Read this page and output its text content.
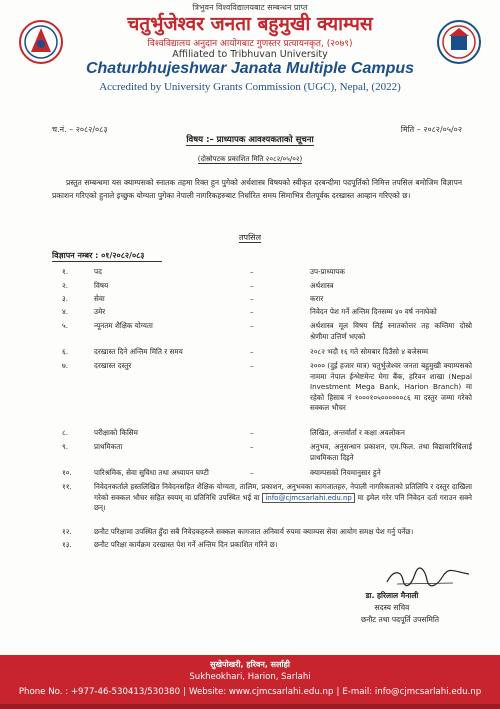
त्रिभुवन विश्वविद्यालयबाट सम्बन्धन प्राप्त
चतुर्भुजेश्वर जनता बहुमुखी क्याम्पस
विश्वविद्यालय अनुदान आयोगबाट गुणस्तर प्रत्यायनकृत, (२०७९)
Affiliated to Tribhuvan University
Chaturbhujeshwar Janata Multiple Campus
Accredited by University Grants Commission (UGC), Nepal, (2022)
च.नं. – २०८२/०८३	मिति – २०८२/०५/०२
विषय :– प्राध्यापक आवश्यकताको सूचना
(दोस्रोपटक प्रकाशित मिति २०८२/०५/०२)
प्रस्तुत सम्बन्धमा यस क्याम्पसको स्नातक तहमा रिक्त हुन पुगेको अर्थशास्त्र विषयको स्वीकृत दरबन्दीमा पदपूर्तिको निमित्त तपसिल बमोजिम विज्ञापन प्रकाशन गरिएको हुनाले इच्छुक योग्यता पुगेका नेपाली नागरिकहरुबाट निर्धारित समय सिमाभित्र रीतपूर्वक दरखास्त आव्हान गरिएको छ।
तपसिल
विज्ञापन नम्बर : ०१/२०८२/०८३
१.	पद	–	उप-प्राध्यापक
२.	विषय	–	अर्थशास्त्र
३.	सेवा	–	करार
४.	उमेर	–	निवेदन पेश गर्ने अन्तिम दिनसम्म ४० वर्ष ननाघेको
५.	न्यूनतम शैक्षिक योग्यता	–	अर्थशास्त्र मूल विषय लिई स्नातकोत्तर तह कम्तिमा दोस्रो श्रेणीमा उत्तिर्ण भएको
६.	दरखास्त दिने अन्तिम मिति र समय	–	२०८२ भदौ १६ गते सोमबार दिउँसो ४ बजेसम्म
७.	दरखास्त दस्तुर	–	२००० (दुई हजार मात्र) चतुर्भुजेश्वर जनता बहुमुखी क्याम्पसको नाममा नेपाल ईन्भेष्टमेन्ट मेगा बैंक, हरिवन शाखा (Nepal Investment Mega Bank, Harion Branch) मा रहेको हिसाब नं १०००१०५००००००८६ मा दस्तुर जम्मा गरेको सक्कल भौचर
८.	परीक्षाको किसिम	–	लिखित, अन्तर्वार्ता र कक्षा अवलोकन
९.	प्राथमिकता	–	अनुभव, अनुसन्धान प्रकाशन, एम.फिल. तथा विद्यावारिधिलाई प्राथमिकता दिइने
१०.	पारिश्रमिक, सेवा सुविधा तथा अध्यापन घण्टी	–	क्याम्पसको नियमानुसार हुने
११.	निवेदनकर्ताले हस्तलिखित निवेदनसहित शैक्षिक योग्यता, तालिम, प्रकाशन, अनुभवका कागजातहरु, नेपाली नागरिकताको प्रतिलिपि र दस्तुर दाखिला गरेको सक्कल भौचर सहित स्वयम् वा प्रतिनिधि उपस्थित भई वा info@cjmcsarlahi.edu.np मा इमेल गरेर पनि निवेदन दर्ता गराउन सक्ने छन्।
१२.	छनौट परिक्षामा उपस्थित हुँदा सबै निवेदकहरुले सक्कल कागजात अनिवार्य रुपमा क्याम्पस सेवा आयोग समक्ष पेश गर्नु पर्नेछ।
१३.	छनौट परिक्षा कार्यक्रम दरखास्त पेश गर्ने अन्तिम दिन प्रकाशित गरिने छ।
डा. हरिलाल मैनाली
सदस्य सचिव
छनौट तथा पदपूर्ति उपसमिति
सुखेपोखरी, हरिवन, सर्लाही
Sukheokhari, Harion, Sarlahi
Phone No. : +977-46-530413/530380 | Website: www.cjmcsarlahi.edu.np | E-mail: info@cjmcsarlahi.edu.np
